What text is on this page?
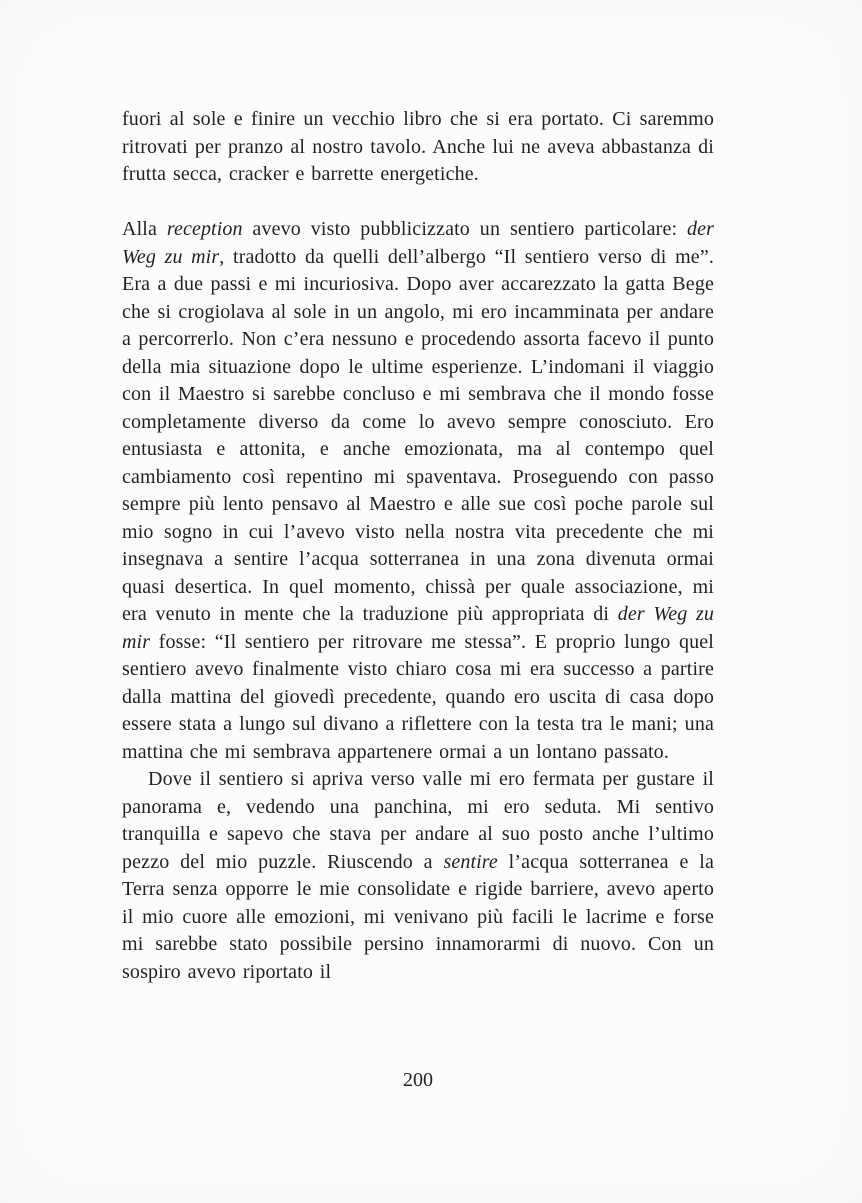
fuori al sole e finire un vecchio libro che si era portato. Ci saremmo ritrovati per pranzo al nostro tavolo. Anche lui ne aveva abbastanza di frutta secca, cracker e barrette energetiche.

Alla reception avevo visto pubblicizzato un sentiero particolare: der Weg zu mir, tradotto da quelli dell’albergo “Il sentiero verso di me”. Era a due passi e mi incuriosiva. Dopo aver accarezzato la gatta Bege che si crogiolava al sole in un angolo, mi ero incamminata per andare a percorrerlo. Non c’era nessuno e procedendo assorta facevo il punto della mia situazione dopo le ultime esperienze. L’indomani il viaggio con il Maestro si sarebbe concluso e mi sembrava che il mondo fosse completamente diverso da come lo avevo sempre conosciuto. Ero entusiasta e attonita, e anche emozionata, ma al contempo quel cambiamento così repentino mi spaventava. Proseguendo con passo sempre più lento pensavo al Maestro e alle sue così poche parole sul mio sogno in cui l’avevo visto nella nostra vita precedente che mi insegnava a sentire l’acqua sotterranea in una zona divenuta ormai quasi desertica. In quel momento, chissà per quale associazione, mi era venuto in mente che la traduzione più appropriata di der Weg zu mir fosse: “Il sentiero per ritrovare me stessa”. E proprio lungo quel sentiero avevo finalmente visto chiaro cosa mi era successo a partire dalla mattina del giovedì precedente, quando ero uscita di casa dopo essere stata a lungo sul divano a riflettere con la testa tra le mani; una mattina che mi sembrava appartenere ormai a un lontano passato.

Dove il sentiero si apriva verso valle mi ero fermata per gustare il panorama e, vedendo una panchina, mi ero seduta. Mi sentivo tranquilla e sapevo che stava per andare al suo posto anche l’ultimo pezzo del mio puzzle. Riuscendo a sentire l’acqua sotterranea e la Terra senza opporre le mie consolidate e rigide barriere, avevo aperto il mio cuore alle emozioni, mi venivano più facili le lacrime e forse mi sarebbe stato possibile persino innamorarmi di nuovo. Con un sospiro avevo riportato il

200
